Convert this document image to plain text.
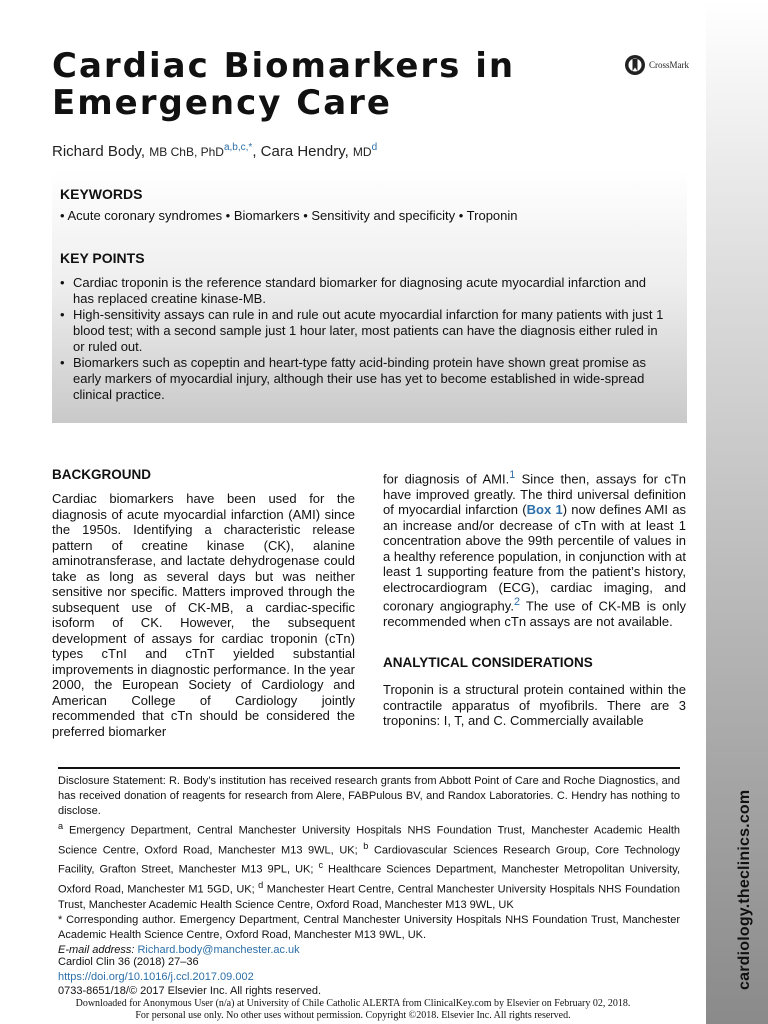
cardiology.theclinics.com
Cardiac Biomarkers in Emergency Care
CrossMark
Richard Body, MB ChB, PhD$^{a,b,c,*}$, Cara Hendry, $MD^d$
KEYWORDS
• Acute coronary syndromes • Biomarkers • Sensitivity and specificity • Troponin
KEY POINTS
• Cardiac troponin is the reference standard biomarker for diagnosing acute myocardial infarction and has replaced creatine kinase-MB.
• High-sensitivity assays can rule in and rule out acute myocardial infarction for many patients with just 1 blood test; with a second sample just 1 hour later, most patients can have the diagnosis either ruled in or ruled out.
• Biomarkers such as copeptin and heart-type fatty acid-binding protein have shown great promise as early markers of myocardial injury, although their use has yet to become established in wide-spread clinical practice.
BACKGROUND
Cardiac biomarkers have been used for the diagnosis of acute myocardial infarction (AMI) since the 1950s. Identifying a characteristic release pattern of creatine kinase (CK), alanine aminotransferase, and lactate dehydrogenase could take as long as several days but was neither sensitive nor specific. Matters improved through the subsequent use of CK-MB, a cardiac-specific isoform of CK. However, the subsequent development of assays for cardiac troponin (cTn) types cTnI and cTnT yielded substantial improvements in diagnostic performance. In the year 2000, the European Society of Cardiology and American College of Cardiology jointly recommended that cTn should be considered the preferred biomarker
for diagnosis of AMI.$^1$ Since then, assays for cTn have improved greatly. The third universal definition of myocardial infarction (Box 1) now defines AMI as an increase and/or decrease of cTn with at least 1 concentration above the 99th percentile of values in a healthy reference population, in conjunction with at least 1 supporting feature from the patient’s history, electrocardiogram (ECG), cardiac imaging, and coronary angiography.$^2$ The use of CK-MB is only recommended when cTn assays are not available.
ANALYTICAL CONSIDERATIONS
Troponin is a structural protein contained within the contractile apparatus of myofibrils. There are 3 troponins: I, T, and C. Commercially available

Disclosure Statement: R. Body’s institution has received research grants from Abbott Point of Care and Roche Diagnostics, and has received donation of reagents for research from Alere, FABPulous BV, and Randox Laboratories. C. Hendry has nothing to disclose.

$^a$ Emergency Department, Central Manchester University Hospitals NHS Foundation Trust, Manchester Academic Health Science Centre, Oxford Road, Manchester M13 9WL, UK; $^b$ Cardiovascular Sciences Research Group, Core Technology Facility, Grafton Street, Manchester M13 9PL, UK; $^c$ Healthcare Sciences Department, Manchester Metropolitan University, Oxford Road, Manchester M1 5GD, UK; $^d$ Manchester Heart Centre, Central Manchester University Hospitals NHS Foundation Trust, Manchester Academic Health Science Centre, Oxford Road, Manchester M13 9WL, UK

* Corresponding author. Emergency Department, Central Manchester University Hospitals NHS Foundation Trust, Manchester Academic Health Science Centre, Oxford Road, Manchester M13 9WL, UK.

E-mail address: Richard.body@manchester.ac.uk

Cardiol Clin 36 (2018) 27–36

https://doi.org/10.1016/j.ccl.2017.09.002

0733-8651/18/© 2017 Elsevier Inc. All rights reserved.

Downloaded for Anonymous User (n/a) at University of Chile Catholic ALERTA from ClinicalKey.com by Elsevier on February 02, 2018.

For personal use only. No other uses without permission. Copyright ©2018. Elsevier Inc. All rights reserved.
